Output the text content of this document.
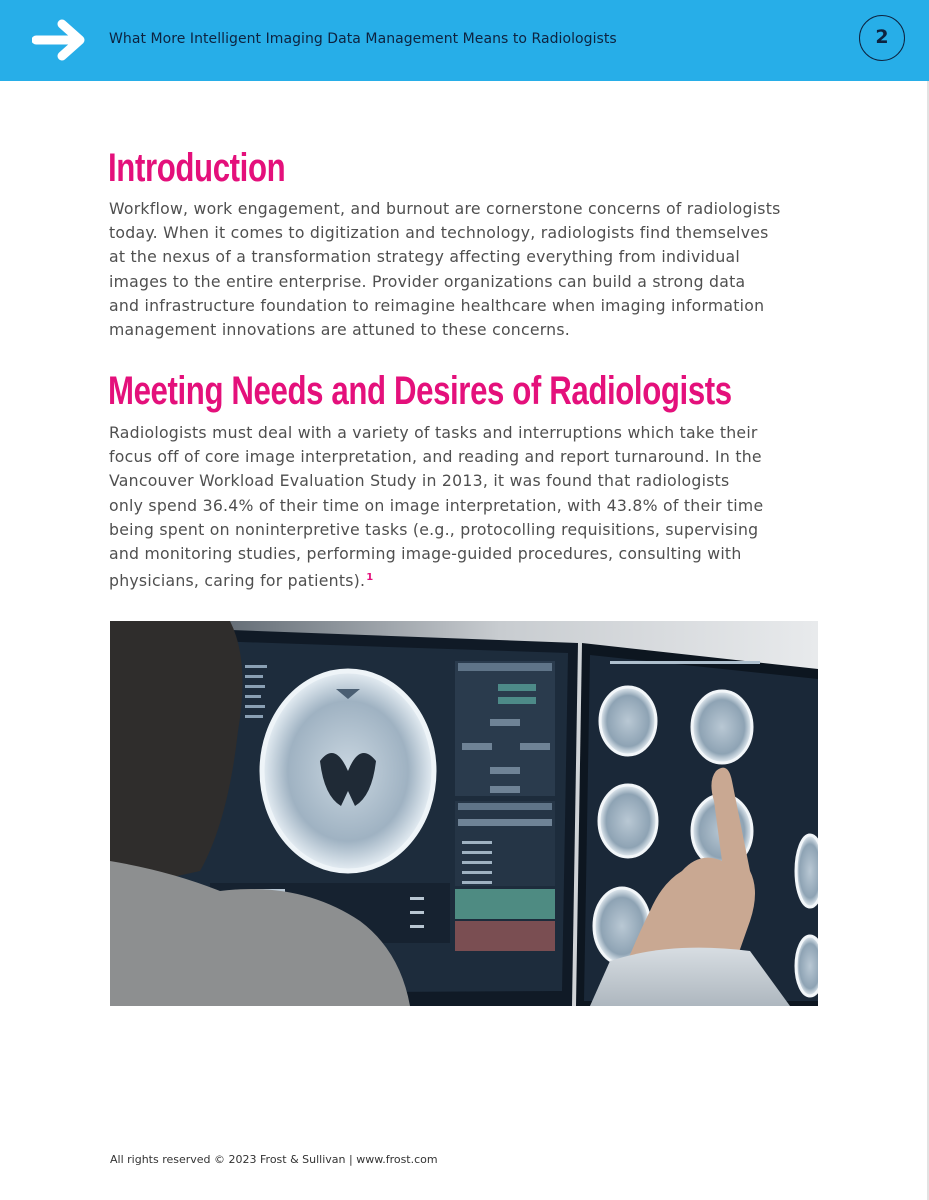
What More Intelligent Imaging Data Management Means to Radiologists	2
Introduction

Workflow, work engagement, and burnout are cornerstone concerns of radiologists
today. When it comes to digitization and technology, radiologists find themselves
at the nexus of a transformation strategy affecting everything from individual
images to the entire enterprise. Provider organizations can build a strong data
and infrastructure foundation to reimagine healthcare when imaging information
management innovations are attuned to these concerns.

Meeting Needs and Desires of Radiologists

Radiologists must deal with a variety of tasks and interruptions which take their
focus off of core image interpretation, and reading and report turnaround. In the
Vancouver Workload Evaluation Study in 2013, it was found that radiologists
only spend 36.4% of their time on image interpretation, with 43.8% of their time
being spent on noninterpretive tasks (e.g., protocolling requisitions, supervising
and monitoring studies, performing image-guided procedures, consulting with
physicians, caring for patients).$^1$

All rights reserved © 2023 Frost & Sullivan | www.frost.com
